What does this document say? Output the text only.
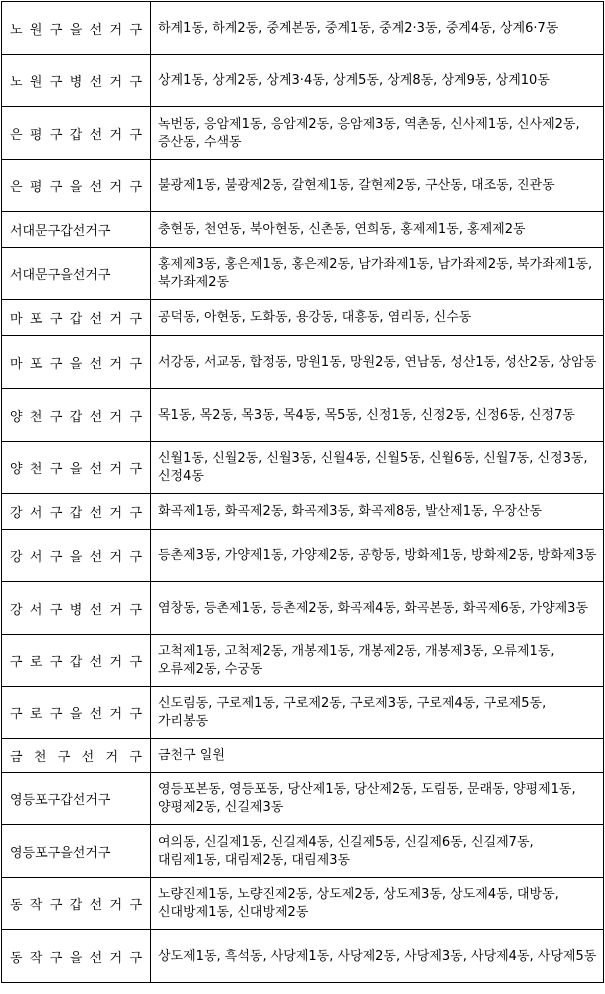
노 원 구 을 선 거 구	하계1동, 하계2동, 중계본동, 중계1동, 중계2·3동, 중계4동, 상계6·7동
노 원 구 병 선 거 구	상계1동, 상계2동, 상계3·4동, 상계5동, 상계8동, 상계9동, 상계10동
은 평 구 갑 선 거 구	녹번동, 응암제1동, 응암제2동, 응암제3동, 역촌동, 신사제1동, 신사제2동, 증산동, 수색동
은 평 구 을 선 거 구	불광제1동, 불광제2동, 갈현제1동, 갈현제2동, 구산동, 대조동, 진관동
서대문구갑선거구	충현동, 천연동, 북아현동, 신촌동, 연희동, 홍제제1동, 홍제제2동
서대문구을선거구	홍제제3동, 홍은제1동, 홍은제2동, 남가좌제1동, 남가좌제2동, 북가좌제1동, 북가좌제2동
마 포 구 갑 선 거 구	공덕동, 아현동, 도화동, 용강동, 대흥동, 염리동, 신수동
마 포 구 을 선 거 구	서강동, 서교동, 합정동, 망원1동, 망원2동, 연남동, 성산1동, 성산2동, 상암동
양 천 구 갑 선 거 구	목1동, 목2동, 목3동, 목4동, 목5동, 신정1동, 신정2동, 신정6동, 신정7동
양 천 구 을 선 거 구	신월1동, 신월2동, 신월3동, 신월4동, 신월5동, 신월6동, 신월7동, 신정3동, 신정4동
강 서 구 갑 선 거 구	화곡제1동, 화곡제2동, 화곡제3동, 화곡제8동, 발산제1동, 우장산동
강 서 구 을 선 거 구	등촌제3동, 가양제1동, 가양제2동, 공항동, 방화제1동, 방화제2동, 방화제3동
강 서 구 병 선 거 구	염창동, 등촌제1동, 등촌제2동, 화곡제4동, 화곡본동, 화곡제6동, 가양제3동
구 로 구 갑 선 거 구	고척제1동, 고척제2동, 개봉제1동, 개봉제2동, 개봉제3동, 오류제1동, 오류제2동, 수궁동
구 로 구 을 선 거 구	신도림동, 구로제1동, 구로제2동, 구로제3동, 구로제4동, 구로제5동, 가리봉동
금 천 구 선 거 구	금천구 일원
영등포구갑선거구	영등포본동, 영등포동, 당산제1동, 당산제2동, 도림동, 문래동, 양평제1동, 양평제2동, 신길제3동
영등포구을선거구	여의동, 신길제1동, 신길제4동, 신길제5동, 신길제6동, 신길제7동, 대림제1동, 대림제2동, 대림제3동
동 작 구 갑 선 거 구	노량진제1동, 노량진제2동, 상도제2동, 상도제3동, 상도제4동, 대방동, 신대방제1동, 신대방제2동
동 작 구 을 선 거 구	상도제1동, 흑석동, 사당제1동, 사당제2동, 사당제3동, 사당제4동, 사당제5동
